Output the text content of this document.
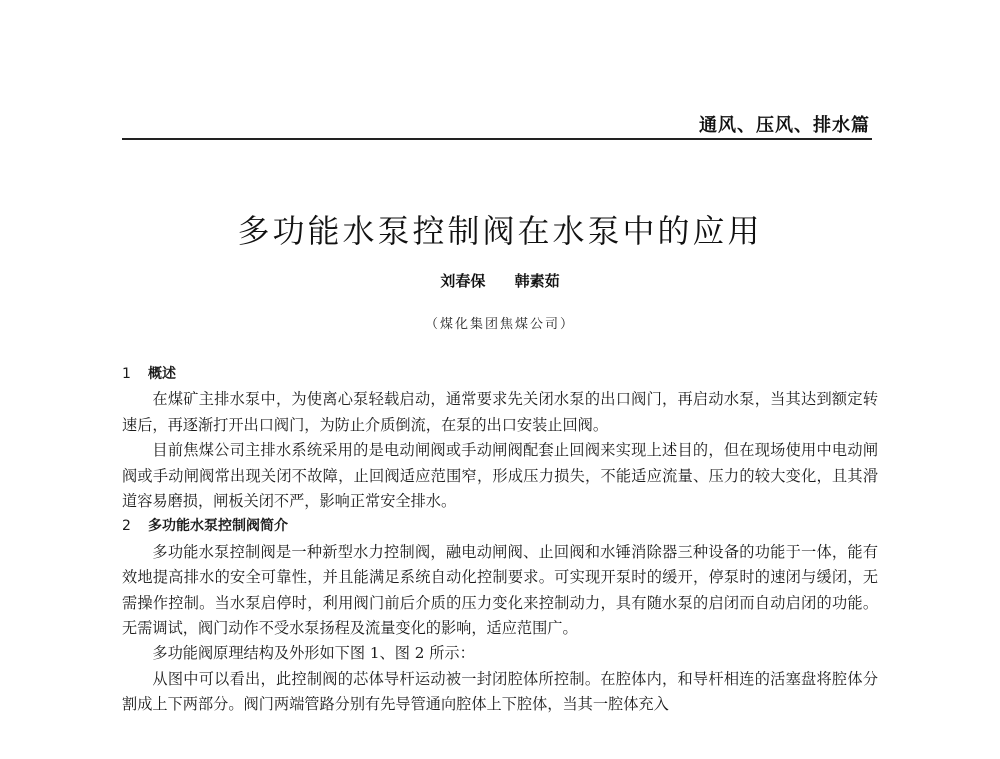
通风、压风、排水篇
多功能水泵控制阀在水泵中的应用
刘春保 韩素茹
（煤化集团焦煤公司）
1 概述

在煤矿主排水泵中，为使离心泵轻载启动，通常要求先关闭水泵的出口阀门，再启动水泵，当其达到额定转速后，再逐渐打开出口阀门，为防止介质倒流，在泵的出口安装止回阀。

目前焦煤公司主排水系统采用的是电动闸阀或手动闸阀配套止回阀来实现上述目的，但在现场使用中电动闸阀或手动闸阀常出现关闭不故障，止回阀适应范围窄，形成压力损失，不能适应流量、压力的较大变化，且其滑道容易磨损，闸板关闭不严，影响正常安全排水。

2 多功能水泵控制阀简介

多功能水泵控制阀是一种新型水力控制阀，融电动闸阀、止回阀和水锤消除器三种设备的功能于一体，能有效地提高排水的安全可靠性，并且能满足系统自动化控制要求。可实现开泵时的缓开，停泵时的速闭与缓闭，无需操作控制。当水泵启停时，利用阀门前后介质的压力变化来控制动力，具有随水泵的启闭而自动启闭的功能。无需调试，阀门动作不受水泵扬程及流量变化的影响，适应范围广。

多功能阀原理结构及外形如下图 1、图 2 所示：

从图中可以看出，此控制阀的芯体导杆运动被一封闭腔体所控制。在腔体内，和导杆相连的活塞盘将腔体分割成上下两部分。阀门两端管路分别有先导管通向腔体上下腔体，当其一腔体充入
